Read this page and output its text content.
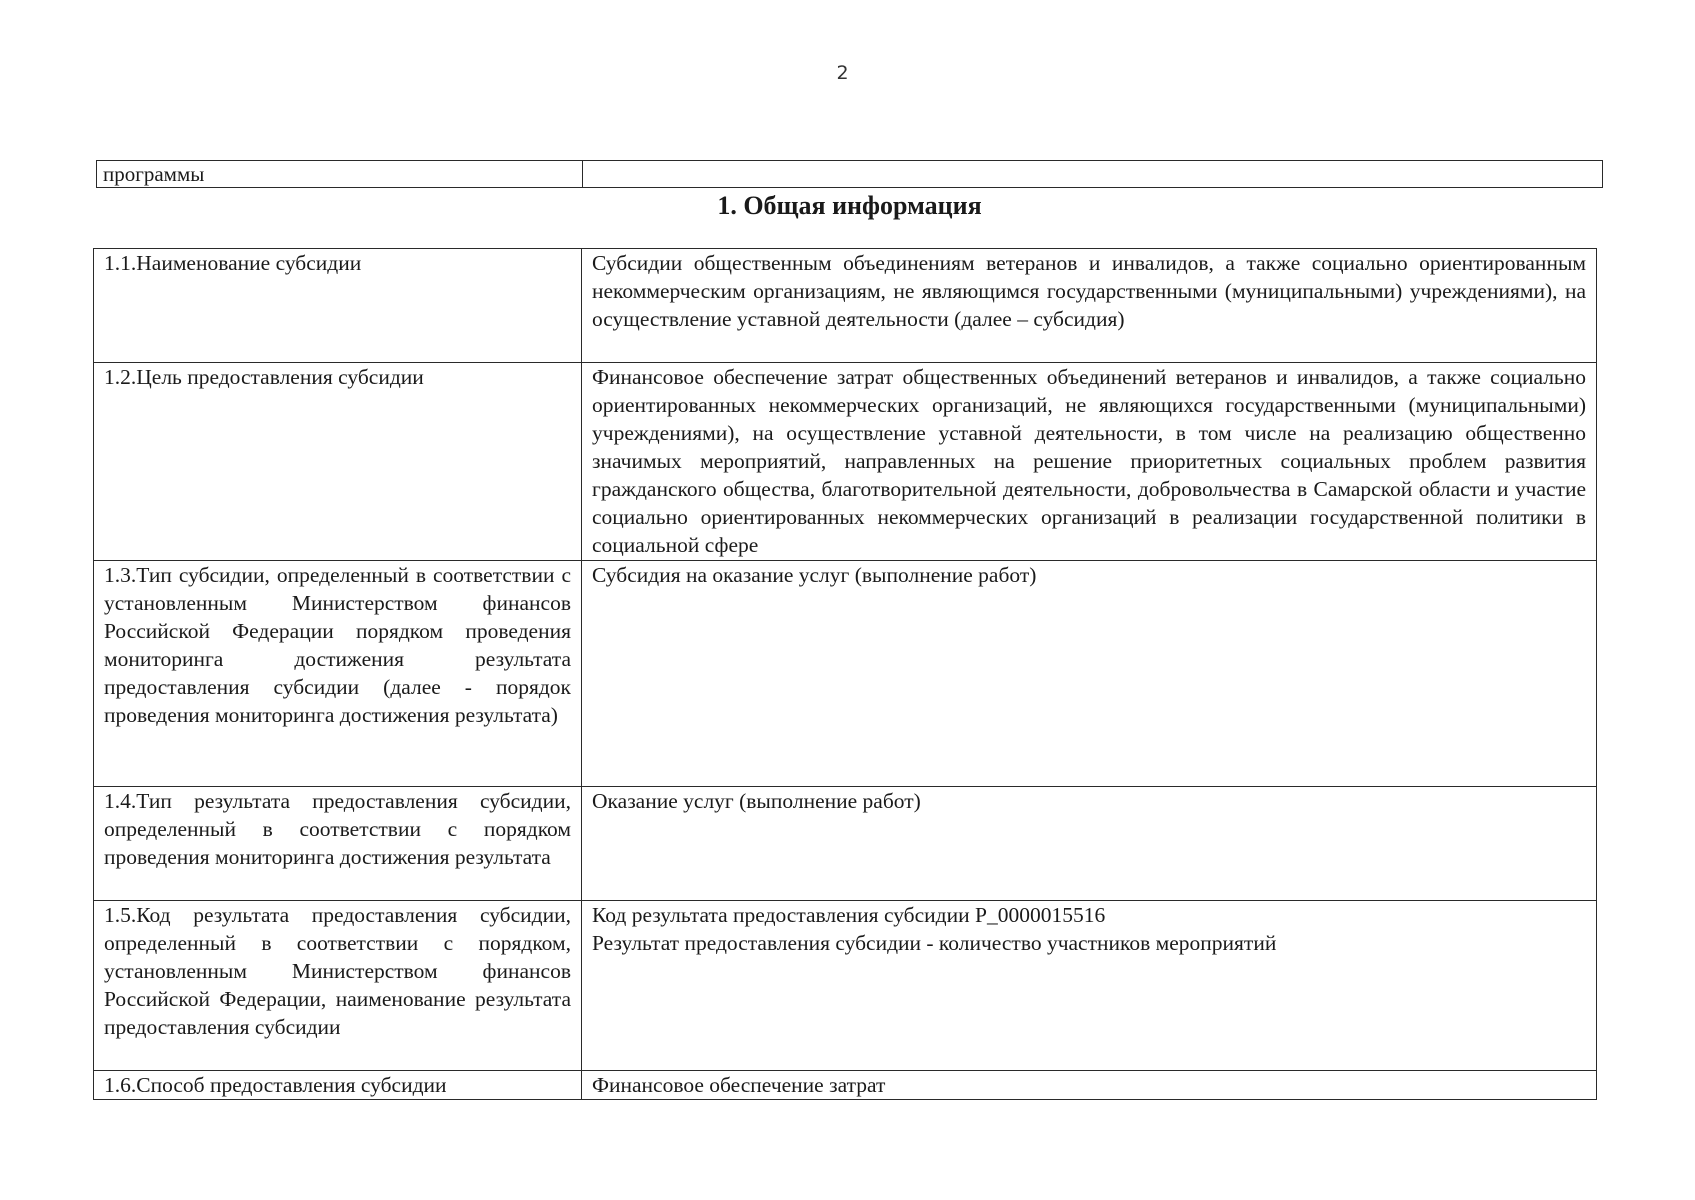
2
программы	
1. Общая информация
1.1.Наименование субсидии	Субсидии общественным объединениям ветеранов и инвалидов, а также социально ориентированным некоммерческим организациям, не являющимся государственными (муниципальными) учреждениями), на осуществление уставной деятельности (далее – субсидия)
1.2.Цель предоставления субсидии	Финансовое обеспечение затрат общественных объединений ветеранов и инвалидов, а также социально ориентированных некоммерческих организаций, не являющихся государственными (муниципальными) учреждениями), на осуществление уставной деятельности, в том числе на реализацию общественно значимых мероприятий, направленных на решение приоритетных социальных проблем развития гражданского общества, благотворительной деятельности, добровольчества в Самарской области и участие социально ориентированных некоммерческих организаций в реализации государственной политики в социальной сфере
1.3.Тип субсидии, определенный в соответствии с установленным Министерством финансов Российской Федерации порядком проведения мониторинга достижения результата предоставления субсидии (далее - порядок проведения мониторинга достижения результата)	Субсидия на оказание услуг (выполнение работ)
1.4.Тип результата предоставления субсидии, определенный в соответствии с порядком проведения мониторинга достижения результата	Оказание услуг (выполнение работ)
1.5.Код результата предоставления субсидии, определенный в соответствии с порядком, установленным Министерством финансов Российской Федерации, наименование результата предоставления субсидии	Код результата предоставления субсидии P_0000015516
Результат предоставления субсидии - количество участников мероприятий

1.6.Способ предоставления субсидии	Финансовое обеспечение затрат
